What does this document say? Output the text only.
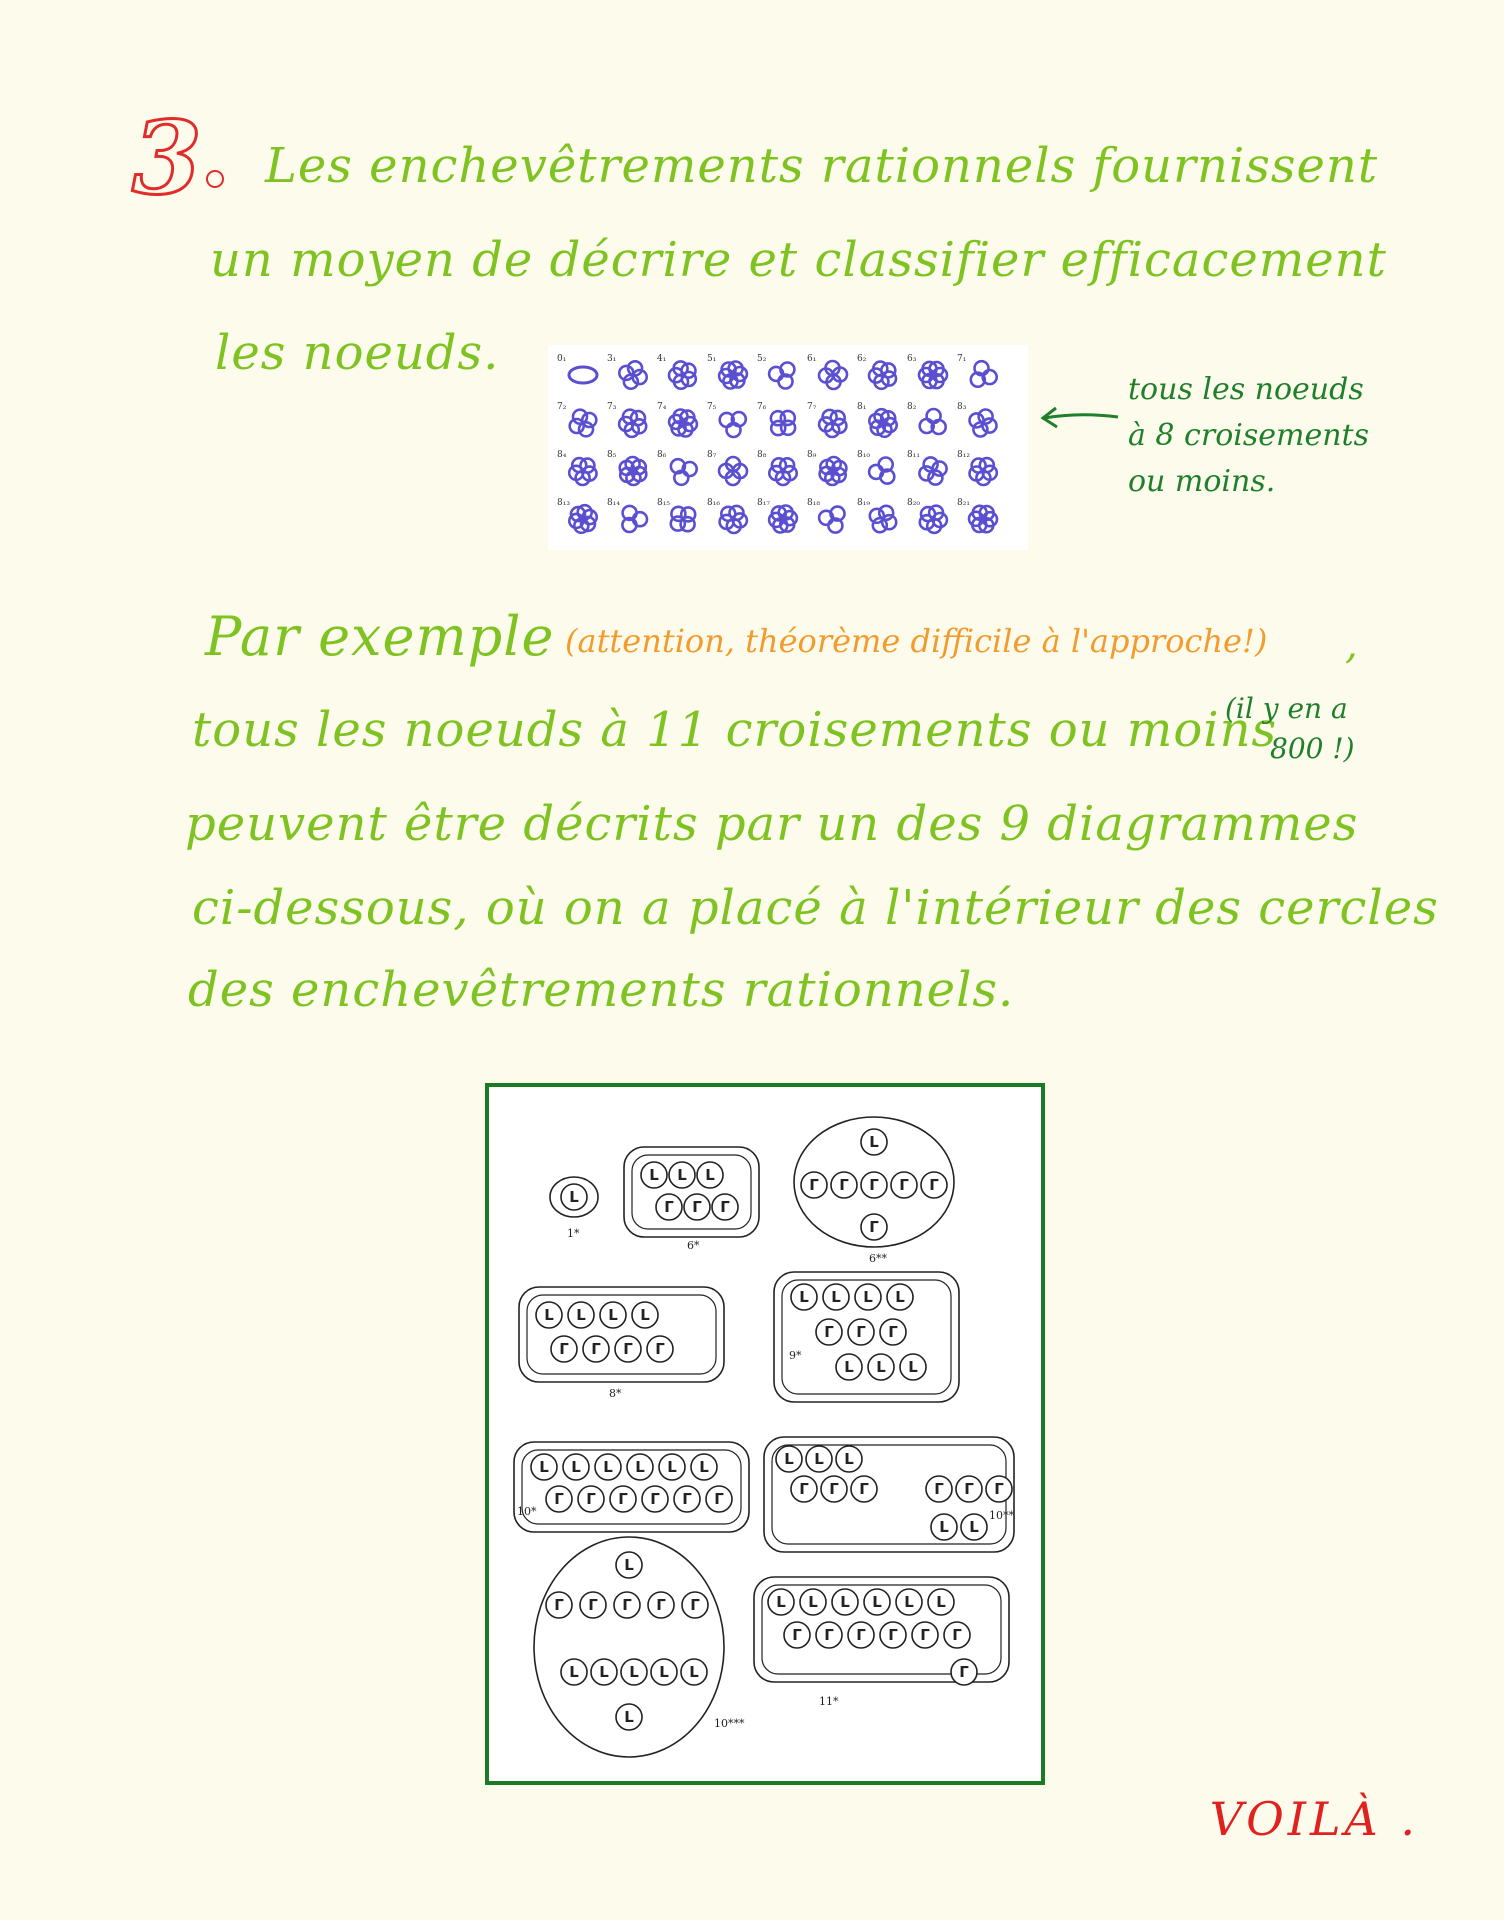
3 Les enchevêtrements rationnels fournissent
un moyen de décrire et classifier efficacement
les noeuds.	0₁	3₁	4₁	5₁	5₂	6₁	6₂	6₃	7₁
7₂	7₃	7₄	7₅	7₆	7₇	8₁	8₂	8₃
8₄	8₅	8₆	8₇	8₈	8₉	8₁₀	8₁₁	8₁₂
8₁₃	8₁₄	8₁₅	8₁₆	8₁₇	8₁₈	8₁₉	8₂₀	8₂₁
tous les noeuds
à 8 croisements
ou moins.
Par exemple (attention, théorème difficile à l'approche!) ,
tous les noeuds à 11 croisements ou moins
(il y en a
800 !)
peuvent être décrits par un des 9 diagrammes
ci-dessous, où on a placé à l'intérieur des cercles
des enchevêtrements rationnels.
L
1*
L L L
Γ Γ Γ
6*
L
Γ Γ Γ Γ Γ
Γ
6**
L L L L
Γ Γ Γ Γ
8*
L L L L
Γ Γ Γ
L L L
9*
L L L L L L
Γ Γ Γ Γ Γ Γ
10*
L L L
Γ Γ Γ	Γ Γ Γ
L L
10**
L
Γ Γ Γ Γ Γ
L L L L L
L	10***
L L L L L L
Γ Γ Γ Γ Γ Γ
Γ
11*
VOILÀ .
